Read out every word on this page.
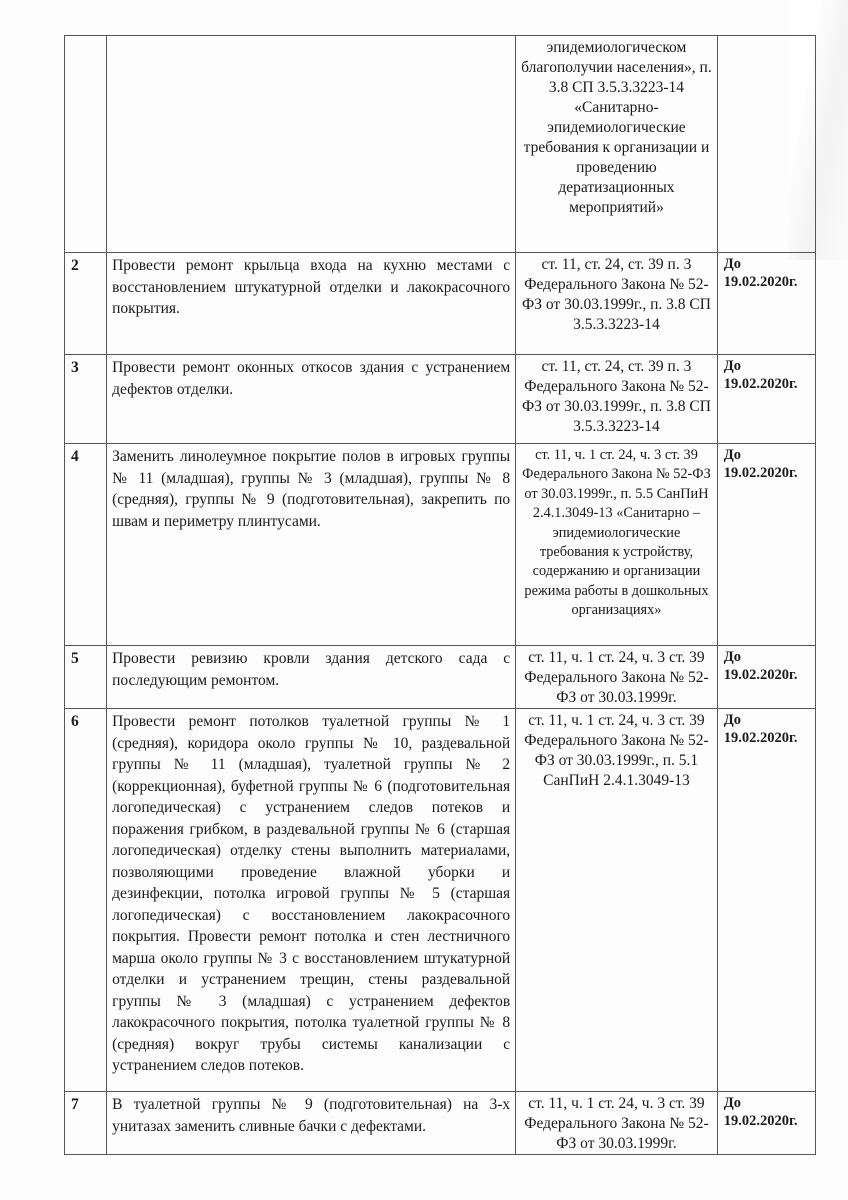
		эпидемиологическом благополучии населения», п. 3.8 СП 3.5.3.3223-14 «Санитарно-эпидемиологические требования к организации и проведению дератизационных мероприятий»	

2	Провести ремонт крыльца входа на кухню местами с восстановлением штукатурной отделки и лакокрасочного покрытия.	ст. 11, ст. 24, ст. 39 п. 3 Федерального Закона № 52-ФЗ от 30.03.1999г., п. 3.8 СП 3.5.3.3223-14	До
19.02.2020г.

3	Провести ремонт оконных откосов здания с устранением дефектов отделки.	ст. 11, ст. 24, ст. 39 п. 3 Федерального Закона № 52-ФЗ от 30.03.1999г., п. 3.8 СП 3.5.3.3223-14	До
19.02.2020г.

4	Заменить линолеумное покрытие полов в игровых группы № 11 (младшая), группы № 3 (младшая), группы № 8 (средняя), группы № 9 (подготовительная), закрепить по швам и периметру плинтусами.	ст. 11, ч. 1 ст. 24, ч. 3 ст. 39 Федерального Закона № 52-ФЗ от 30.03.1999г., п. 5.5 СанПиН 2.4.1.3049-13 «Санитарно – эпидемиологические требования к устройству, содержанию и организации режима работы в дошкольных организациях»	До
19.02.2020г.

5	Провести ревизию кровли здания детского сада с последующим ремонтом.	ст. 11, ч. 1 ст. 24, ч. 3 ст. 39 Федерального Закона № 52-ФЗ от 30.03.1999г.	До
19.02.2020г.

6	Провести ремонт потолков туалетной группы № 1 (средняя), коридора около группы № 10, раздевальной группы № 11 (младшая), туалетной группы № 2 (коррекционная), буфетной группы № 6 (подготовительная логопедическая) с устранением следов потеков и поражения грибком, в раздевальной группы № 6 (старшая логопедическая) отделку стены выполнить материалами, позволяющими проведение влажной уборки и дезинфекции, потолка игровой группы № 5 (старшая логопедическая) с восстановлением лакокрасочного покрытия. Провести ремонт потолка и стен лестничного марша около группы № 3 с восстановлением штукатурной отделки и устранением трещин, стены раздевальной группы № 3 (младшая) с устранением дефектов лакокрасочного покрытия, потолка туалетной группы № 8 (средняя) вокруг трубы системы канализации с устранением следов потеков.	ст. 11, ч. 1 ст. 24, ч. 3 ст. 39 Федерального Закона № 52-ФЗ от 30.03.1999г., п. 5.1 СанПиН 2.4.1.3049-13	До
19.02.2020г.

7	В туалетной группы № 9 (подготовительная) на 3-х унитазах заменить сливные бачки с дефектами.	ст. 11, ч. 1 ст. 24, ч. 3 ст. 39 Федерального Закона № 52-ФЗ от 30.03.1999г.	До
19.02.2020г.
